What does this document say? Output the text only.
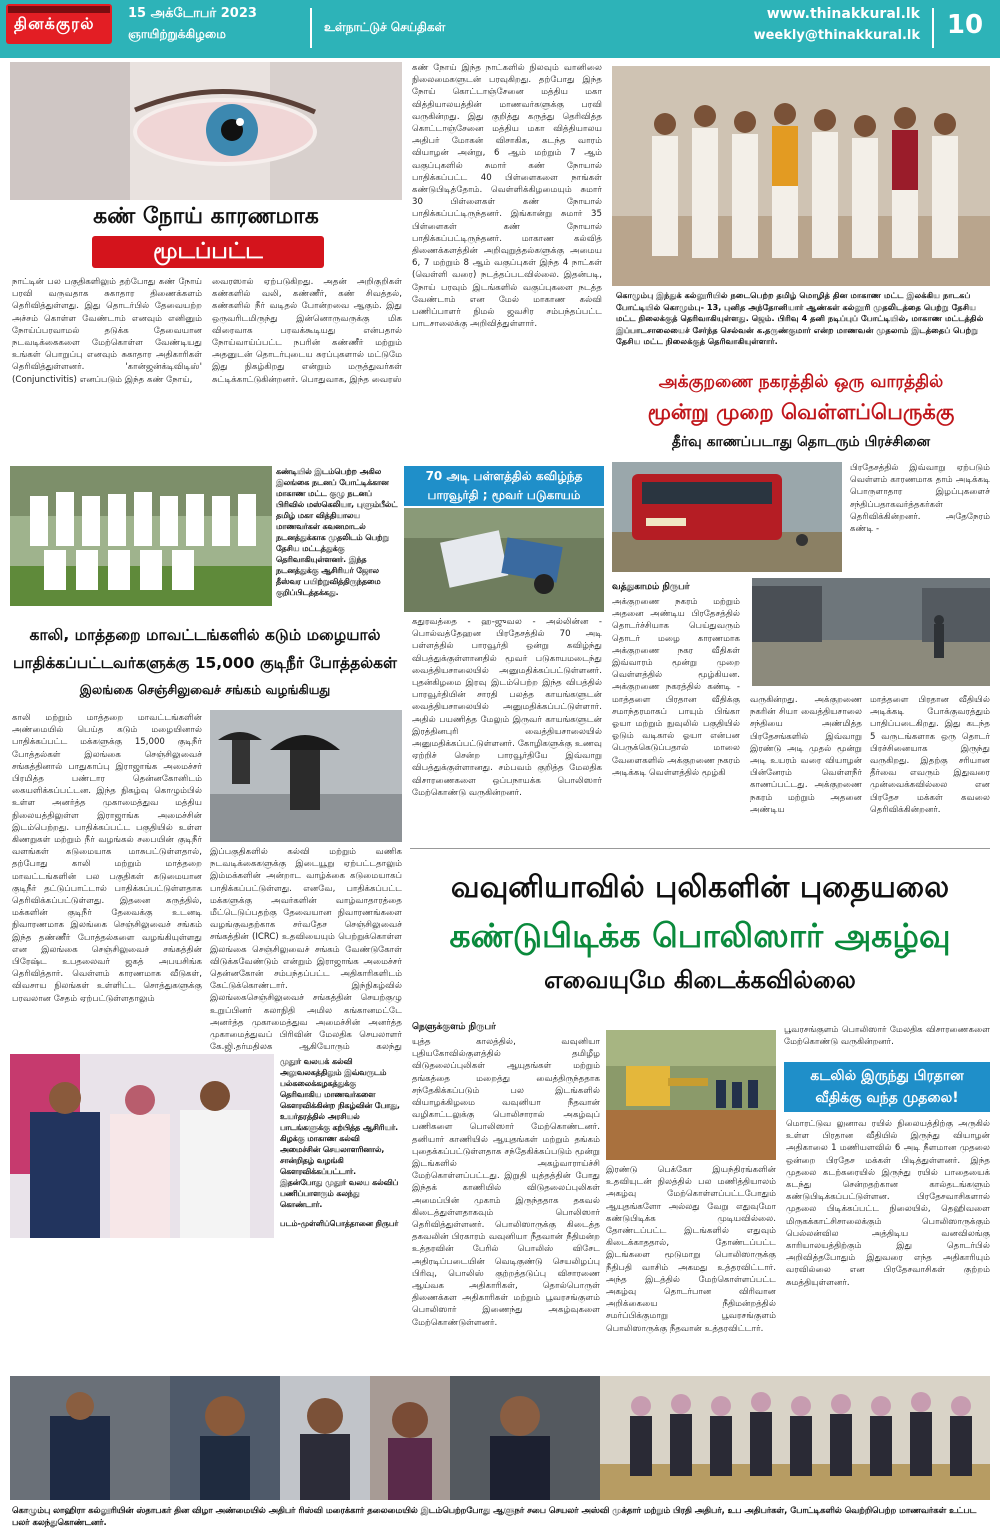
தினக்குரல்
15 அக்டோபர் 2023
ஞாயிற்றுக்கிழமை	உள்நாட்டுச் செய்திகள்
www.thinakkural.lk
weekly@thinakkural.lk 10
கண் நோய் காரணமாக
மூடப்பட்ட வகுப்புகள்!
நாட்டின் பல பகுதிகளிலும் தற்போது கண் நோய் பரவி வருவதாக சுகாதார திணைக்களம் தெரிவித்துள்ளது. இது தொடர்பில் தேவையற்ற அச்சம் கொள்ள வேண்டாம் எனவும் எனினும் நோய்ப்பரவாமல் தடுக்க தேவையான நடவடிக்கைகளை மேற்கொள்ள வேண்டியது உங்கள் பொறுப்பு எனவும் சுகாதார அதிகாரிகள் தெரிவித்துள்ளனர். 'கான்ஜன்க்டிவிடிஸ்' (Conjunctivitis) எனப்படும் இந்த கண் நோய்,
வைரஸால் ஏற்படுகிறது. அதன் அறிகுறிகள் கண்களில் வலி, கண்ணீர், கண் சிவத்தல், கண்களில் நீர் வடிதல் போன்றவை ஆகும். இது ஒருவரிடமிருந்து இன்னொருவருக்கு மிக விரைவாக பரவக்கூடியது என்பதால் நோய்வாய்ப்பட்ட நபரின் கண்ணீர் மற்றும் அதனுடன் தொடர்புடைய சுரப்புகளால் மட்டுமே இது நிகழ்கிறது என்றும் மருத்துவர்கள் சுட்டிக்காட்டுகின்றனர். பொதுவாக, இந்த வைரஸ்
கண் நோய் இந்த நாட்களில் நிலவும் வானிலை நிலைமைகளுடன் பரவுகிறது. தற்போது இந்த நோய் கொட்டாஞ்சேனை மத்திய மகா வித்தியாலயத்தின் மாணவர்களுக்கு பரவி வருகின்றது. இது குறித்து கருத்து தெரிவித்த கொட்டாஞ்சேனை மத்திய மகா வித்தியாலய அதிபர் மோகன் விசாகிக, கடந்த வாரம் வியாழன் அன்று, 6 ஆம் மற்றும் 7 ஆம் வகுப்புகளில் சுமார் கண் நோயால் பாதிக்கப்பட்ட 40 பிள்ளைகளை நாங்கள் கண்டுபிடித்தோம். வெள்ளிக்கிழமையும் சுமார் 30 பிள்ளைகள் கண் நோயால் பாதிக்கப்பட்டிருந்தனர். இங்கான்று சுமார் 35 பிள்ளைகள் கண் நோயால் பாதிக்கப்பட்டிருந்தனர். மாகாண கல்வித் திணைக்களத்தின் அறிவுறுத்தல்களுக்கு அமைய 6, 7 மற்றும் 8 ஆம் வகுப்புகள் இந்த 4 நாட்கள் (வெள்ளி வரை) நடத்தப்படவில்லை. இதன்படி, நோய் பரவும் இடங்களில் வகுப்புகளை நடத்த வேண்டாம் என மேல் மாகாண கல்வி பணிப்பாளர் நிமல் ஜவசிர சம்பந்தப்பட்ட பாடசாலைக்கு அறிவித்துள்ளார்.
கொழும்பு இந்துக் கல்லூரியில் நடைபெற்ற தமிழ் மொழித் தின மாகாண மட்ட இலக்கிய நாடகப் போட்டியில் கொழும்பு- 13, புனித அந்தோனியார் ஆண்கள் கல்லூரி முதலிடத்தை பெற்று தேசிய மட்ட நிலைக்குத் தெரிவாகியுள்ளது. ஜெம். பிரிவு 4 தனி நடிப்புப் போட்டியில், மாகாண மட்டத்தில் இப்பாடசாலையைச் சேர்ந்த செல்வன் க.தருண்குமார் என்ற மாணவன் முதலாம் இடத்தைப் பெற்று தேசிய மட்ட நிலைக்குத் தெரிவாகியுள்ளார்.
அக்குறணை நகரத்தில் ஒரு வாரத்தில்
மூன்று முறை வெள்ளப்பெருக்கு
தீர்வு காணப்படாது தொடரும் பிரச்சினை
பிரதேசத்தில் இவ்வாறு ஏற்படும் வெள்ளம் காரணமாக தாம் அடிக்கடி பொருளாதார இழப்புகளைச் சந்திப்பதாகவர்த்தகர்கள் தெரிவிக்கின்றனர். அதேநேரம் கண்டி -
வத்துகாமம் நிருபர்
அக்குறணை நகரம் மற்றும் அதனை அண்டிய பிரதேசத்தில் தொடர்ச்சியாக பெய்துவரும் தொடர் மழை காரணமாக அக்குறணை நகர வீதிகள் இவ்வாரம் மூன்று முறை வெள்ளத்தில் மூழ்கியன. அக்குறணை நகரத்தில் கண்டி - மாத்தளை பிரதான வீதிக்கு சமாந்தரமாகப் பாயும் பிங்கா ஓயா மற்றும் நுவுலில் பகுதியில் ஓடும் வடிகால் ஓயா என்பன பெருக்கெடுப்பதால் மாலை வேளைகளில் அக்குறணை நகரம் அடிக்கடி வெள்ளத்தில் மூழ்கி
வருகின்றது. அக்குறணை நகரின் சியா வைத்தியசாலை சந்தியை அண்மித்த பிரதேசங்களில் இவ்வாறு இரண்டு அடி முதல் மூன்று அடி உயரம் வரை வியாழன் பின்னேரம் வெள்ளநீர் காணப்பட்டது. அக்குறணை நகரம் மற்றும் அதனை அண்டிய
மாத்தளை பிரதான வீதியில் அடிக்கடி போக்குவரத்தும் பாதிப்படைகிறது. இது கடந்த 5 வருடங்களாக ஒரு தொடர் பிரச்சினையாக இருந்து வருகிறது. இதற்கு சரியான தீர்வை எவரும் இதுவரை முன்வைக்கவில்லை என பிரதேச மக்கள் கவலை தெரிவிக்கின்றனர்.
கண்டியில் இடம்பெற்ற அகில இலங்கை நடனப் போட்டிக்கான மாகாண மட்ட குழு நடனப் பிரிவில் மஸ்கெலியா, புளும்பீல்ட் தமிழ் மகா வித்தியாலய மாணவர்கள் கவனமாடல் நடனத்துக்காக முதலிடம் பெற்று தேசிய மட்டத்துக்கு தெரிவாகியுள்ளனர். இந்த நடனத்துக்கு ஆசிரியர் ஜோல தீஸ்வர பயிற்றுவித்திருந்தமை குறிப்பிடத்தக்கது.
70 அடி பள்ளத்தில் கவிழ்ந்த பாரவூர்தி ; மூவர் படுகாயம்
கதுரவத்தை - ஹ-ஜுவல - அல்லின்ன - பொல்வத்தேஹன பிரதேசத்தில் 70 அடி பள்ளத்தில் பாரவூர்தி ஒன்று கவிழ்ந்து விபத்துக்குள்ளானதில் மூவர் படுகாயமடைந்து வைத்தியசாலையில் அனுமதிக்கப்பட்டுள்ளனர். புதன்கிழமை இரவு இடம்பெற்ற இந்த விபத்தில் பாரவூர்தியின் சாரதி பலத்த காயங்களுடன் வைத்தியசாலையில் அனுமதிக்கப்பட்டுள்ளார். அதில் பயணித்த மேலும் இருவர் காயங்களுடன் இரத்தினபுரி வைத்தியசாலையில் அனுமதிக்கப்பட்டுள்ளனர். கோழிகளுக்கு உணவு ஏற்றிச் சென்ற பாரவூர்தியே இவ்வாறு விபத்துக்குள்ளானது. சம்பவம் குறித்த மேலதிக விசாரணைகளை ஒப்பநாயக்க பொலிஸார் மேற்கொண்டு வருகின்றனர்.
காலி, மாத்தறை மாவட்டங்களில் கடும் மழையால்
பாதிக்கப்பட்டவர்களுக்கு 15,000 குடிநீர் போத்தல்கள்
இலங்கை செஞ்சிலுவைச் சங்கம் வழங்கியது
காலி மற்றும் மாத்தறை மாவட்டங்களின் அண்மையில் பெய்த கடும் மழையினால் பாதிக்கப்பட்ட மக்களுக்கு 15,000 குடிநீர் போத்தல்கள் இலங்கை செஞ்சிலுவைச் சங்கத்தினால் பாதுகாப்பு இராஜாங்க அமைச்சர் பிரமித்த பண்டார தென்னகோனிடம் கையளிக்கப்பட்டன. இந்த நிகழ்வு கொழும்பில் உள்ள அனர்த்த முகாமைத்துவ மத்திய நிலையத்திலுள்ள இராஜாங்க அமைச்சின் இடம்பெற்றது. பாதிக்கப்பட்ட பகுதியில் உள்ள கிணறுகள் மற்றும் நீர் வழங்கல் சபையின் குடிநீர் வளங்கள் கடுமையாக மாசுபட்டுள்ளதால், தற்போது காலி மற்றும் மாத்தறை மாவட்டங்களின் பல பகுதிகள் கடுமையான குடிநீர் தட்டுப்பாட்டால் பாதிக்கப்பட்டுள்ளதாக தெரிவிக்கப்பட்டுள்ளது. இதனை கருத்தில், மக்களின் குடிநீர் தேவைக்கு உடனடி நிவாரணமாக இலங்கை செஞ்சிலுவைச் சங்கம் இந்த தண்ணீர் போத்தல்களை வழங்கியுள்ளது என இலங்கை செஞ்சிலுவைச் சங்கத்தின் பிரேஷ்ட உபதலைவர் ஜகத் அபயசிங்க தெரிவித்தார். வெள்ளம் காரணமாக வீடுகள், விவசாய நிலங்கள் உள்ளிட்ட சொத்துகளுக்கு பரவலான சேதம் ஏற்பட்டுள்ளதாலும்
இப்பகுதிகளில் கல்வி மற்றும் வணிக நடவடிக்கைகளுக்கு இடையூறு ஏற்பட்டதாலும் இம்மக்களின் அன்றாட வாழ்க்கை கடுமையாகப் பாதிக்கப்பட்டுள்ளது. எனவே, பாதிக்கப்பட்ட மக்களுக்கு அவர்களின் வாழ்வாதாரத்தை மீட்டெடுப்பதற்கு தேவையான நிவாரணங்களை வழங்குவதற்காக சர்வதேச செஞ்சிலுவைச் சங்கத்தின் (ICRC) உதவியையும் பெற்றுக்கொள்ள இலங்கை செஞ்சிலுவைச் சங்கம் வேண்டுகோள் விடுக்கவேண்டும் என்றும் இராஜாங்க அமைச்சர் தென்னகோன் சம்பந்தப்பட்ட அதிகாரிகளிடம் கேட்டுக்கொண்டார். இந்நிகழ்வில் இலங்கைசெஞ்சிலுவைச் சங்கத்தின் செயற்குழு உறுப்பினர் கலாநிதி அமில கங்கானமட்டே அனர்த்த முகாமைத்துவ அமைச்சின் அனர்த்த முகாமைத்துவப் பிரிவின் மேலதிக செயலாளர் கே.ஜி.தர்மதிலக ஆகியோரும் கலந்து
முதூர் வலயக் கல்வி அலுவலகத்திலும் இவ்வருடம் பல்கலைக்கழகத்துக்கு தெரிவாகிய மாணவர்களை கௌரவிக்கின்ற நிகழ்வின் போது, உயர்தரத்தில் அரசியல் பாடங்களுக்கு கற்பித்த ஆசிரியர். கிழக்கு மாகாண கல்வி அமைச்சின் செயலாளரினால், சான்றிதழ் வழங்கி கௌரவிக்கப்பட்டார். இதன்போது முதூர் வலய கல்விப் பணிப்பாளரும் கலந்து கொண்டார்.
படம்-முள்ளிப்பொத்தானை நிருபர்
வவுனியாவில் புலிகளின் புதையலை
கண்டுபிடிக்க பொலிஸார் அகழ்வு
எவையுமே கிடைக்கவில்லை
நெளுக்குளம் நிருபர்
யுத்த காலத்தில், வவுனியா புதியகோவில்குளத்தில் தமிழீழ விடுதலைப்புலிகள் ஆயுதங்கள் மற்றும் தங்கத்தை மறைத்து வைத்திருந்ததாக சந்தேகிக்கப்படும் பல இடங்களில் வியாழக்கிழமை வவுனியா நீதவான் வழிகாட்டலுக்கு பொலிசாரால் அகழ்வுப் பணிகளை பொலிஸார் மேற்கொண்டனர். தனியார் காணியில் ஆயுதங்கள் மற்றும் தங்கம் புதைக்கப்பட்டுள்ளதாக சந்தேகிக்கப்படும் மூன்று இடங்களில் அகழ்வாராய்ச்சி மேற்கொள்ளப்பட்டது. இறுதி யுத்தத்தின் போது இந்தக் காணியில் விடுதலைப்புலிகள் அமைப்பின் முகாம் இருந்ததாக தகவல் கிடைத்துள்ளதாகவும் பொலிஸார் தெரிவித்துள்ளனர். பொலிஸாருக்கு கிடைத்த தகவலின் பிரகாரம் வவுனியா நீதவான் நீதிமன்ற உத்தரவின் பேரில் பொலிஸ் விசேட அதிரடிப்படையின் வெடிகுண்டு செயலிழப்பு பிரிவு, பொலிஸ் குற்றத்தடுப்பு விசாரணை ஆய்வக அதிகாரிகள், தொல்பொருள் திணைக்கள அதிகாரிகள் மற்றும் பூவரசங்குளம் பொலிஸார் இணைந்து அகழ்வுகளை மேற்கொண்டுள்ளனர்.
இரண்டு பெக்கோ இயந்திரங்களின் உதவியுடன் நிலத்தில் பல மணித்தியாலம் அகழ்வு மேற்கொள்ளப்பட்டபோதும் ஆயுதங்களோ அல்லது வேறு எதுவுமோ கண்டுபிடிக்க முடியவில்லை. தோண்டப்பட்ட இடங்களில் எதுவும் கிடைக்காததால், தோண்டப்பட்ட இடங்களை மூடுமாறு பொலிஸாருக்கு நீதிபதி வாசிம் அகமது உத்தரவிட்டார். அந்த இடத்தில் மேற்கொள்ளப்பட்ட அகழ்வு தொடர்பான விரிவான அறிக்கையை நீதிமன்றத்தில் சமர்ப்பிக்குமாறு பூவரசங்குளம் பொலிஸாருக்கு நீதவான் உத்தரவிட்டார்.
பூவரசங்குளம் பொலிஸார் மேலதிக விசாரணைகளை மேற்கொண்டு வருகின்றனர்.
கடலில் இருந்து பிரதான வீதிக்கு வந்த முதலை!
மொரட்டுவ லுனாவ ரயில் நிலையத்திற்கு அருகில் உள்ள பிரதான வீதியில் இருந்து வியாழன் அதிகாலை 1 மணியளவில் 6 அடி நீளமான முதலை ஒன்றை பிரதேச மக்கள் பிடித்துள்ளனர். இந்த முதலை கடற்கரையில் இருந்து ரயில் பாதையைக் கடந்து சென்றதற்கான கால்தடங்களும் கண்டுபிடிக்கப்பட்டுள்ளன. பிரதேசவாசிகளால் முதலை பிடிக்கப்பட்ட நிலையில், தெஹிவளை மிருகக்காட்சிசாலைக்கும் பொலிஸாருக்கும் பெல்லன்வில அத்திடிய வனவிலங்கு காரியாலயத்திற்கும் இது தொடர்பில் அறிவித்தபோதும் இதுவரை எந்த அதிகாரியும் வரவில்லை என பிரதேசவாசிகள் குற்றம் சுமத்தியுள்ளனர்.
கொழும்பு லாஹிரா கல்லூரியின் ஸ்தாபகர் தின விழா அண்மையில் அதிபர் ரிஸ்வி மரைக்கார் தலைமையில் இடம்பெற்றபோது ஆளுநர் சபை செயலர் அஸ்வி முக்தார் மற்றும் பிரதி அதிபர், உப அதிபர்கள், போட்டிகளில் வெற்றிபெற்ற மாணவர்கள் உட்பட பலர் கலந்துகொண்டனர்.
